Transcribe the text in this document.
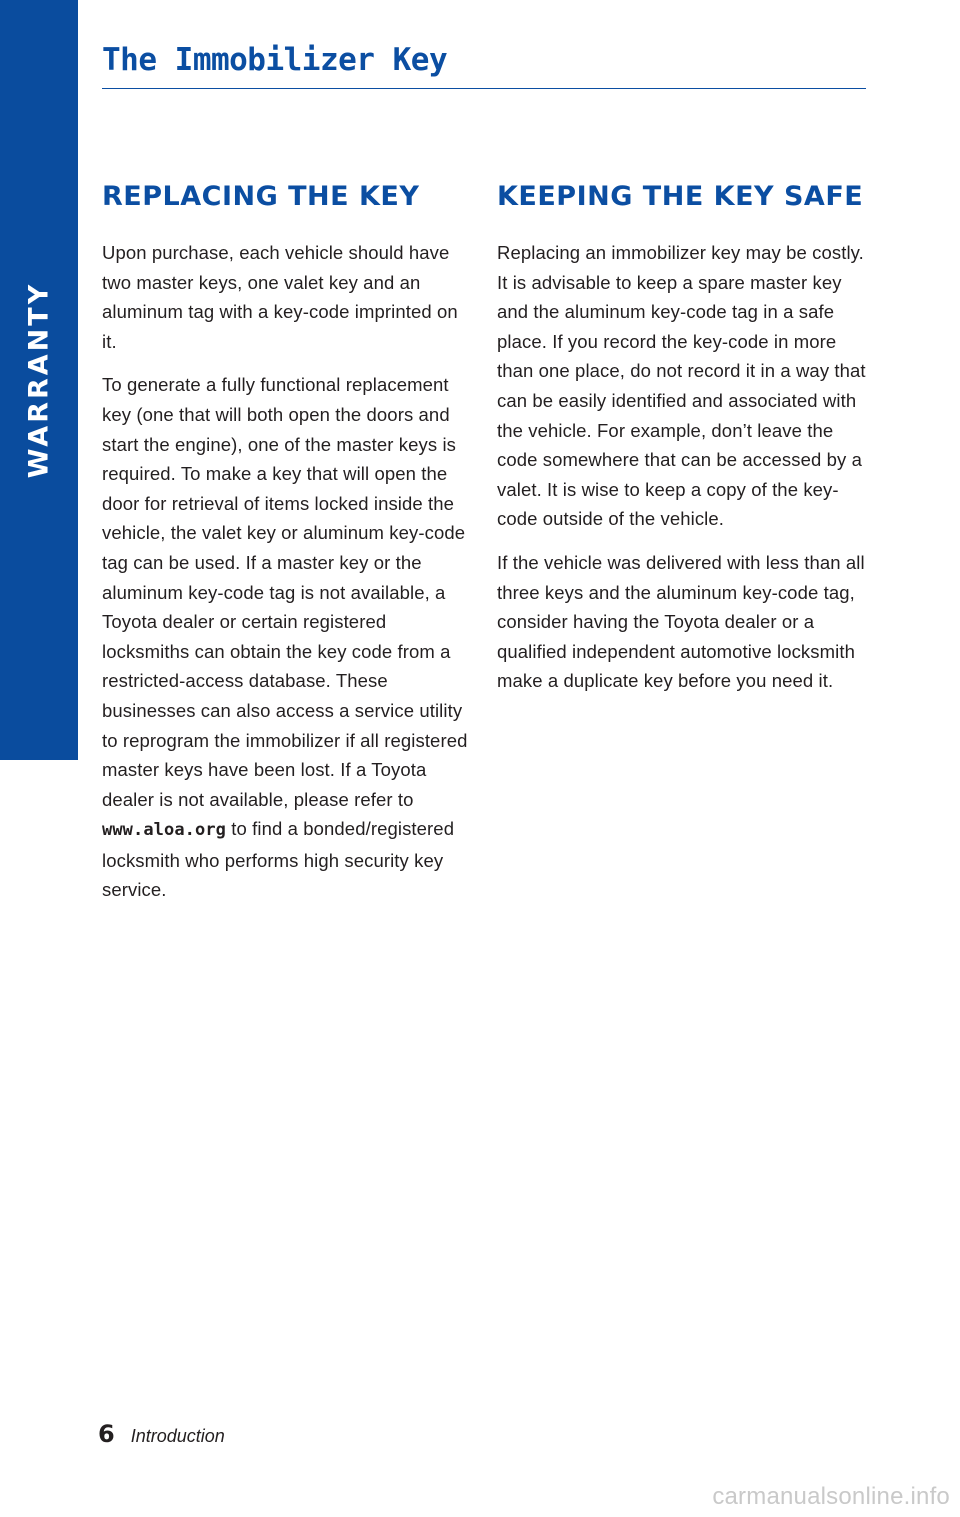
WARRANTY
The Immobilizer Key
REPLACING THE KEY

Upon purchase, each vehicle should have two master keys, one valet key and an aluminum tag with a key-code imprinted on it.

To generate a fully functional replacement key (one that will both open the doors and start the engine), one of the master keys is required. To make a key that will open the door for retrieval of items locked inside the vehicle, the valet key or aluminum key-code tag can be used. If a master key or the aluminum key-code tag is not available, a Toyota dealer or certain registered locksmiths can obtain the key code from a restricted-access database. These businesses can also access a service utility to reprogram the immobilizer if all registered master keys have been lost. If a Toyota dealer is not available, please refer to www.aloa.org to find a bonded/registered locksmith who performs high security key service.

KEEPING THE KEY SAFE

Replacing an immobilizer key may be costly. It is advisable to keep a spare master key and the aluminum key-code tag in a safe place. If you record the key-code in more than one place, do not record it in a way that can be easily identified and associated with the vehicle. For example, don’t leave the code somewhere that can be accessed by a valet. It is wise to keep a copy of the key-code outside of the vehicle.

If the vehicle was delivered with less than all three keys and the aluminum key-code tag, consider having the Toyota dealer or a qualified independent automotive locksmith make a duplicate key before you need it.

6 Introduction
carmanualsonline.info
